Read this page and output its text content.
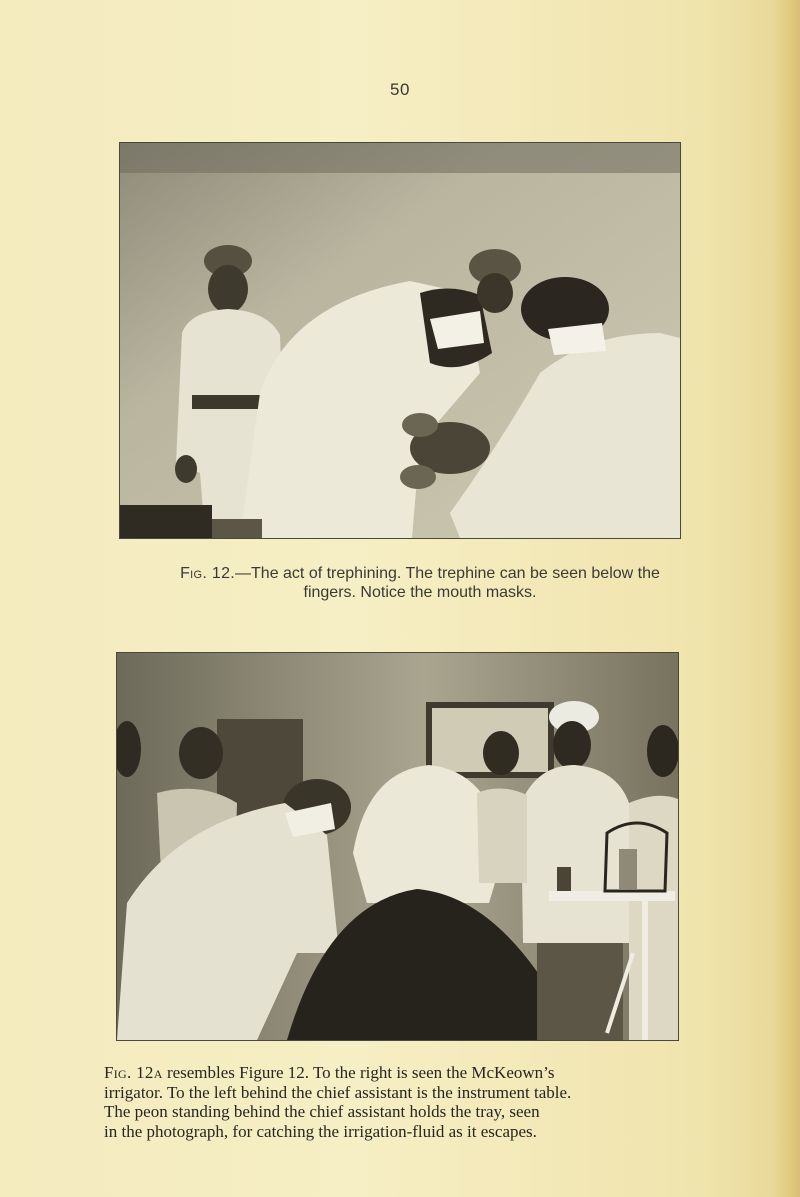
50
Fig. 12.—The act of trephining. The trephine can be seen below the
fingers. Notice the mouth masks.
Fig. 12a resembles Figure 12. To the right is seen the McKeown’s
irrigator. To the left behind the chief assistant is the instrument table.
The peon standing behind the chief assistant holds the tray, seen
in the photograph, for catching the irrigation-fluid as it escapes.
